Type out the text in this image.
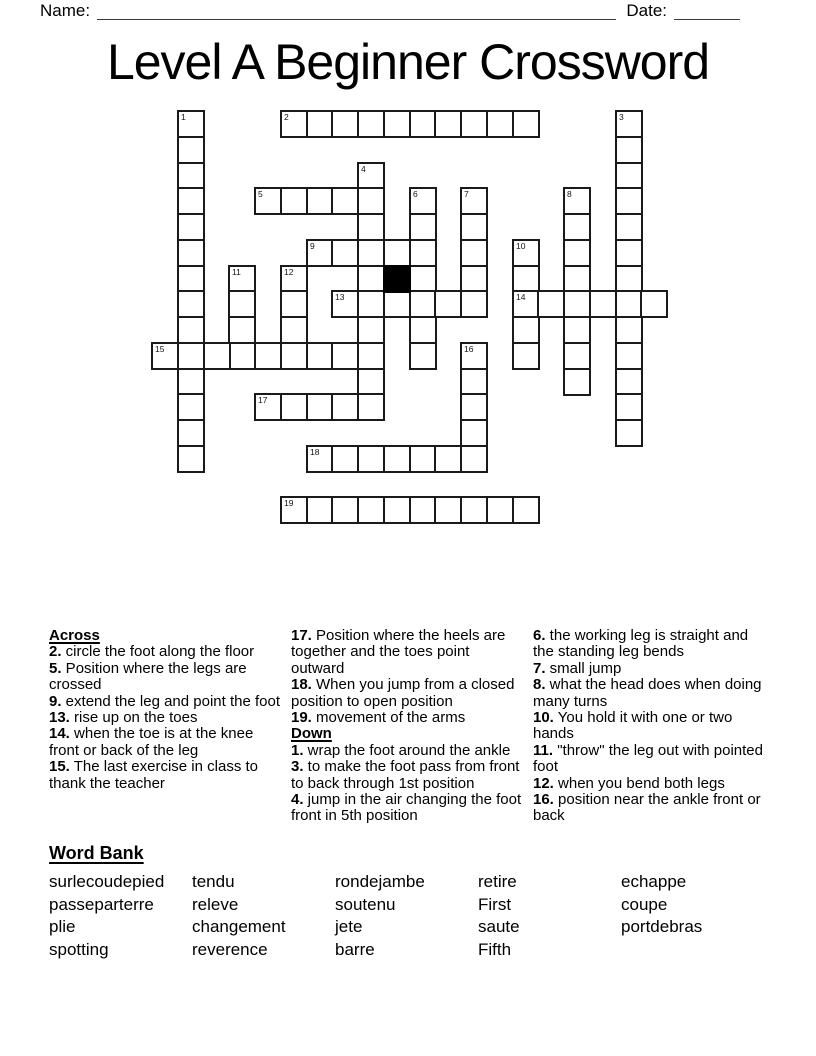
Name:	Date:
Level A Beginner Crossword
1	2	3
4
5	6	7	8
9	10
14
11	12
13
15	16
17
18
19
Across
2. circle the foot along the floor
5. Position where the legs are crossed
9. extend the leg and point the foot
13. rise up on the toes
14. when the toe is at the knee front or back of the leg
15. The last exercise in class to thank the teacher
17. Position where the heels are together and the toes point outward
18. When you jump from a closed position to open position
19. movement of the arms
Down
1. wrap the foot around the ankle
3. to make the foot pass from front to back through 1st position
4. jump in the air changing the foot front in 5th position
6. the working leg is straight and the standing leg bends
7. small jump
8. what the head does when doing many turns
10. You hold it with one or two hands
11. "throw" the leg out with pointed foot
12. when you bend both legs
16. position near the ankle front or back
Word Bank
surlecoudepied
passeparterre
plie
spotting
tendu
releve
changement
reverence
rondejambe
soutenu
jete
barre
retire
First
saute
Fifth
echappe
coupe
portdebras
